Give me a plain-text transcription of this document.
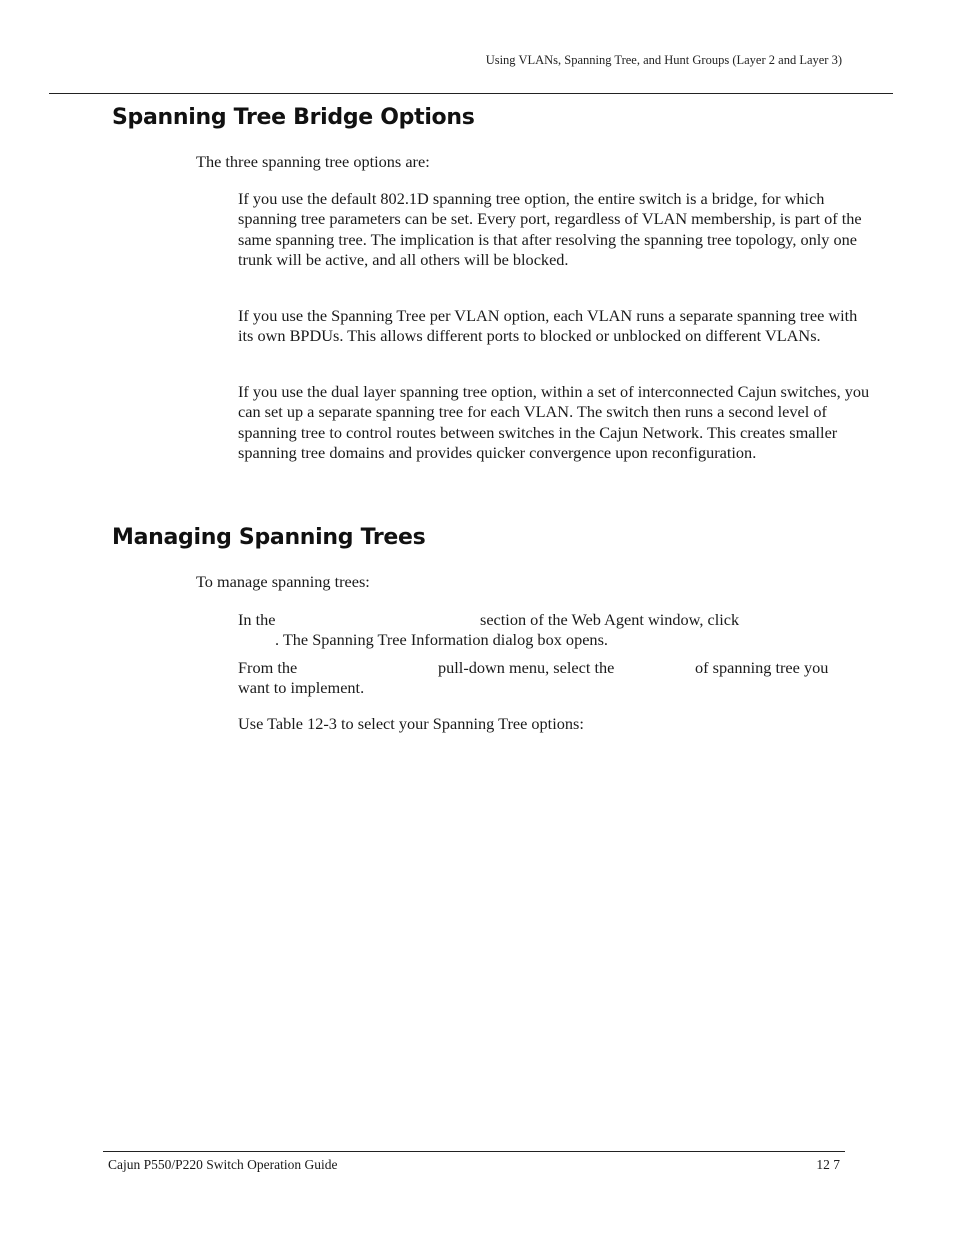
Using VLANs, Spanning Tree, and Hunt Groups (Layer 2 and Layer 3)
Spanning Tree Bridge Options

The three spanning tree options are:

If you use the default 802.1D spanning tree option, the entire switch is a bridge, for which spanning tree parameters can be set. Every port, regardless of VLAN membership, is part of the same spanning tree. The implication is that after resolving the spanning tree topology, only one trunk will be active, and all others will be blocked.

If you use the Spanning Tree per VLAN option, each VLAN runs a separate spanning tree with its own BPDUs. This allows different ports to blocked or unblocked on different VLANs.

If you use the dual layer spanning tree option, within a set of interconnected Cajun switches, you can set up a separate spanning tree for each VLAN. The switch then runs a second level of spanning tree to control routes between switches in the Cajun Network. This creates smaller spanning tree domains and provides quicker convergence upon reconfiguration.

Managing Spanning Trees

To manage spanning trees:

In the	section of the Web Agent window, click
. The Spanning Tree Information dialog box opens.
From the	pull-down menu, select the	of spanning tree you
want to implement.

Use Table 12-3 to select your Spanning Tree options:

Cajun P550/P220 Switch Operation Guide	12 7
